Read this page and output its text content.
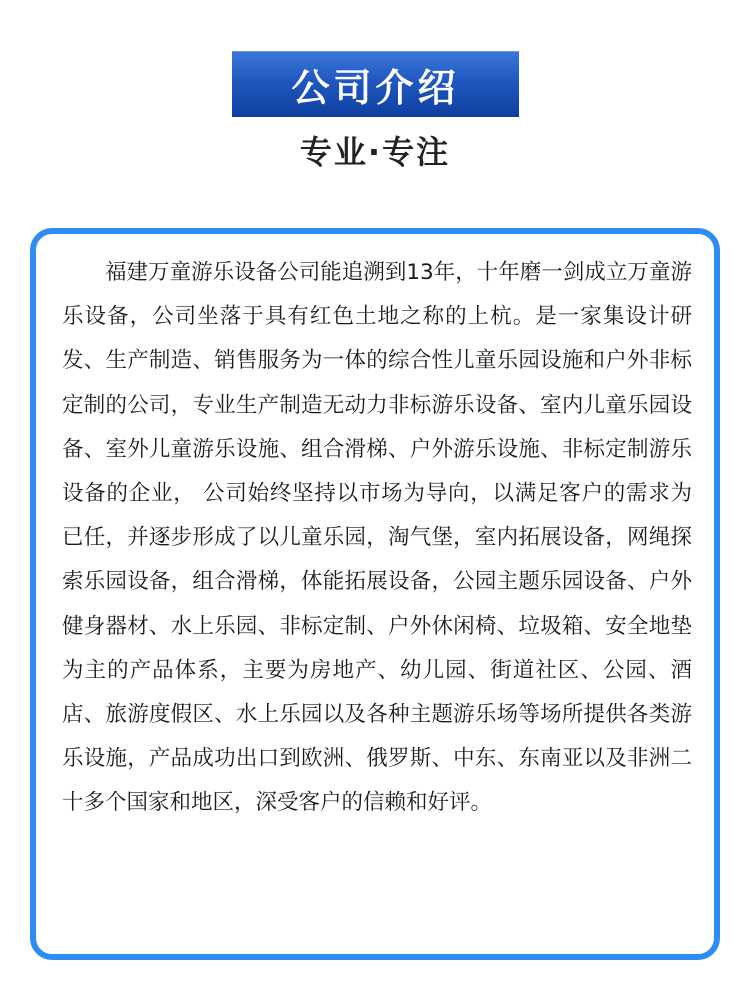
公司介绍
专业·专注

福建万童游乐设备公司能追溯到13年，十年磨一剑成立万童游乐设备，公司坐落于具有红色土地之称的上杭。是一家集设计研发、生产制造、销售服务为一体的综合性儿童乐园设施和户外非标定制的公司，专业生产制造无动力非标游乐设备、室内儿童乐园设备、室外儿童游乐设施、组合滑梯、户外游乐设施、非标定制游乐设备的企业， 公司始终坚持以市场为导向，以满足客户的需求为已任，并逐步形成了以儿童乐园，淘气堡，室内拓展设备，网绳探索乐园设备，组合滑梯，体能拓展设备，公园主题乐园设备、户外健身器材、水上乐园、非标定制、户外休闲椅、垃圾箱、安全地垫为主的产品体系，主要为房地产、幼儿园、街道社区、公园、酒店、旅游度假区、水上乐园以及各种主题游乐场等场所提供各类游乐设施，产品成功出口到欧洲、俄罗斯、中东、东南亚以及非洲二十多个国家和地区，深受客户的信赖和好评。
